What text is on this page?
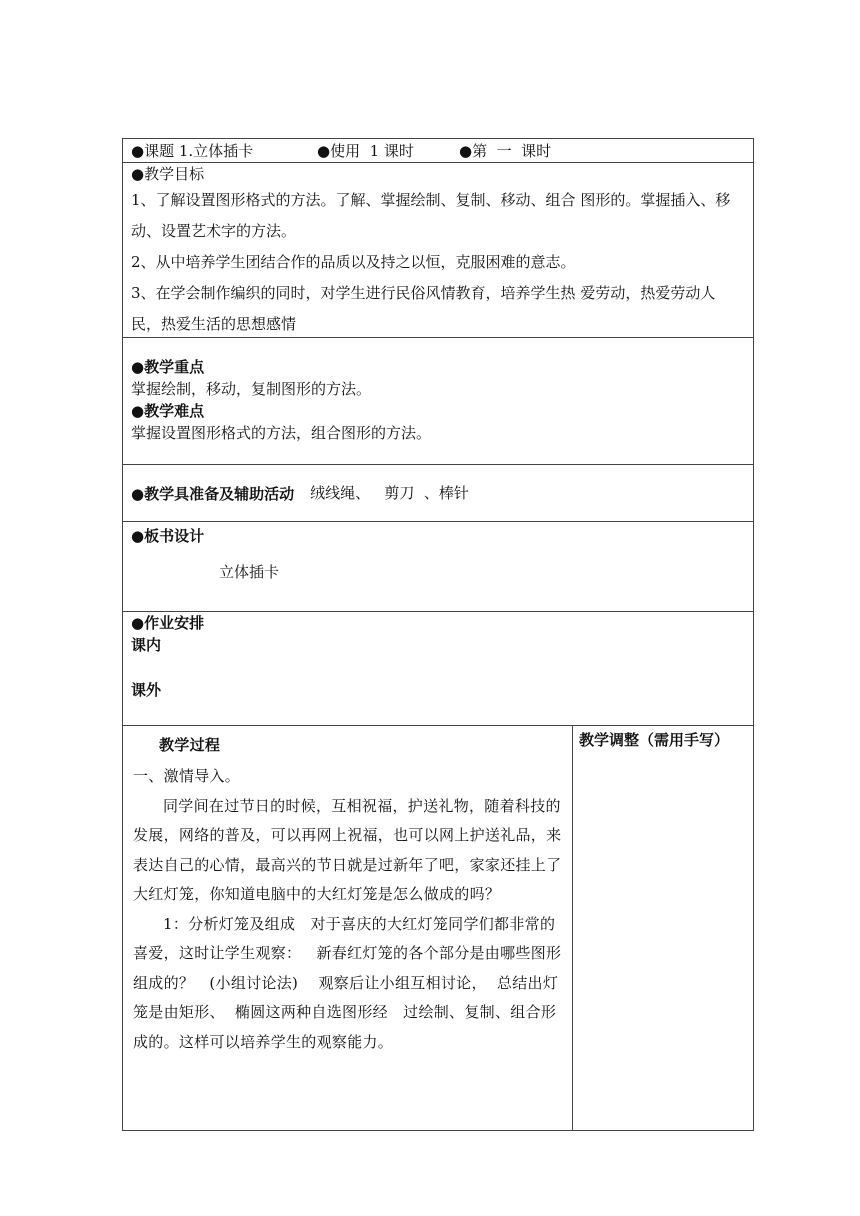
●课题 1.立体插卡	●使用  1 课时	●第  一  课时

●教学目标

1、了解设置图形格式的方法。了解、掌握绘制、复制、移动、组合 图形的。掌握插入、移动、设置艺术字的方法。

2、从中培养学生团结合作的品质以及持之以恒，克服困难的意志。

3、在学会制作编织的同时，对学生进行民俗风情教育，培养学生热 爱劳动，热爱劳动人民，热爱生活的思想感情

●教学重点

掌握绘制，移动，复制图形的方法。

●教学难点

掌握设置图形格式的方法，组合图形的方法。

●教学具准备及辅助活动 绒线绳、   剪刀  、棒针

●板书设计

立体插卡

●作业安排

课内

课外

教学过程

一、激情导入。

同学间在过节日的时候，互相祝福，护送礼物，随着科技的发展，网络的普及，可以再网上祝福，也可以网上护送礼品，来表达自己的心情，最高兴的节日就是过新年了吧，家家还挂上了大红灯笼，你知道电脑中的大红灯笼是怎么做成的吗？

1：分析灯笼及组成   对于喜庆的大红灯笼同学们都非常的喜爱，这时让学生观察：   新春红灯笼的各个部分是由哪些图形组成的？   (小组讨论法)    观察后让小组互相讨论，  总结出灯笼是由矩形、  椭圆这两种自选图形经   过绘制、复制、组合形成的。这样可以培养学生的观察能力。

教学调整（需用手写）
